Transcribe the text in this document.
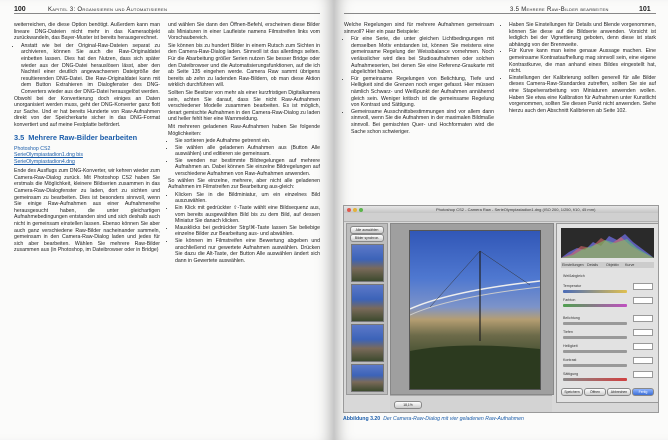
100	Kapitel 3: Organisieren und Automatisieren

weiterreichen, die diese Option benötigt. Außerdem kann man lineare DNG-Dateien nicht mehr in das Kameraobjekt zurückwandeln, das Bayer-Muster ist bereits herausgerechnet.

• Anstatt wie bei der Original-Raw-Dateien separat zu archivieren, können Sie auch die Raw-Originaldatei einbetten lassen. Dies hat den Nutzen, dass sich später wieder aus der DNG-Datei herauslösen lässt, aber den Nachteil einer deutlich angewachsenen Dateigröße der resultierenden DNG-Datei. Die Raw-Originaldatei kann mit dem Button Extrahieren im Dialogfenster des DNG-Converters wieder aus der DNG-Datei herausgelöst werden.

Obwohl bei der Konvertierung doch einiges an Daten unorganisiert werden muss, geht der DNG-Konverter ganz flott zur Sache. Und er hat bereits Hunderte von Raw-Aufnahmen direkt von der Speicherkarte sicher in das DNG-Format konvertiert und auf meine Festplatte befördert.

3.5 Mehrere Raw-Bilder bearbeiten
Photoshop CS2
SerieOlympiastadion1.dng bis
SerieOlympiastadion4.dng

Ende des Ausflugs zum DNG-Konverter, wir kehren wieder zum Camera-Raw-Dialog zurück. Mit Photoshop CS2 haben Sie erstmals die Möglichkeit, kleinere Bildserien zusammen in das Camera-Raw-Dialogfenster zu laden, dort zu sichten und gemeinsam zu bearbeiten. Dies ist besonders sinnvoll, wenn Sie einige Raw-Aufnahmen aus einer Aufnahmereihe herausgesucht haben, die unter gleichartigen Aufnahmebedingungen entstanden sind und sich deshalb auch nicht in gemeinsam einstellen lassen. Ebenso können Sie aber auch ganz verschiedene Raw-Bilder nacheinander sammeln, gemeinsam in den Camera-Raw-Dialog laden und jedes für sich aber bearbeiten. Wählen Sie mehrere Raw-Bilder zusammen aus (in Photoshop, im Dateibrowser oder in Bridge)

und wählen Sie dann den Öffnen-Befehl, erscheinen diese Bilder als Miniaturen in einer Laufleiste namens Filmstreifen links vom Vorschaubereich.

Sie können bis zu hundert Bilder in einem Rutsch zum Sichten in den Camera-Raw-Dialog laden. Sinnvoll ist das allerdings selten. Für die Abarbeitung größer Serien nutzen Sie besser Bridge oder den Dateibrowser und die Automatisierungsfunktionen, auf die ich ab Seite 135 eingehen werde. Camera Raw sammt übrigens bereits ab zehn zu ladenden Raw-Bildern, ob man diese Aktion wirklich durchführen will.

Sollten Sie Besitzer von mehr als einer kurzfristigen Digitalkamera sein, achten Sie darauf, dass Sie nicht Raw-Aufnahmen verschiedener Modelle zusammen bearbeiten. Es ist möglich, derart gemischte Aufnahmen in den Camera-Raw-Dialog zu laden und heller fehlt hier eine Warnmeldung.

Mit mehreren geladenen Raw-Aufnahmen haben Sie folgende Möglichkeiten:

• Sie sortieren jede Aufnahme getrennt ein.
• Sie wählen alle geladenen Aufnahmen aus (Button Alle auswählen) und editieren sie gemeinsam.
• Sie wenden nur bestimmte Bildregelungen auf mehrere Aufnahmen an. Dabei können Sie einzelne Bildregelungen auf verschiedene Aufnahmen von Raw-Aufnahmen anwenden.

So wählen Sie einzelne, mehrere, aber nicht alle geladenen Aufnahmen im Filmstreifen zur Bearbeitung aus-gleich:

• Klicken Sie in die Bildminiatur, um ein einzelnes Bild auszuwählen.
• Ein Klick mit gedrückter ⇧-Taste wählt eine Bildsequenz aus, vom bereits ausgewählten Bild bis zu dem Bild, auf dessen Miniatur Sie danach klicken.
• Mausklicks bei gedrückter Strg/⌘-Taste lassen Sie beliebige einzelne Bilder zur Bearbeitung aus- und abwählen.
• Sie können im Filmstreifen eine Bewertung abgeben und anschließend nur gewertete Aufnahmen auswählen. Drücken Sie dazu die Alt-Taste, der Button Alle auswählen ändert sich dann in Gewertete auswählen.
3.5 Mehrere Raw-Bilder bearbeiten	101

Welche Regelungen sind für mehrere Aufnahmen gemeinsam sinnvoll? Hier ein paar Beispiele:

• Für eine Serie, die unter gleichen Lichtbedingungen mit demselben Motiv entstanden ist, können Sie meistens eine gemeinsame Regelung der Weissbalance vornehmen. Noch verlässlicher wird dies bei Studioaufnahmen oder solchen Aufnahmeserien, bei denen Sie eine Referenz-Graukarte mit abgelichtet haben.
• Für gemeinsame Regelungen von Belichtung, Tiefe und Helligkeit sind die Grenzen noch enger gefasst. Hier müssen nämlich Schwarz- und Weißpunkt der Aufnahmen annähernd gleich sein. Weniger kritisch ist die gemeinsame Regelung von Kontrast und Sättigung.
• Gemeinsame Ausschnittsbestimmungen sind vor allem dann sinnvoll, wenn Sie die Aufnahmen in der maximalen Bildmaße sinnvoll. Bei gemischten Quer- und Hochformaten wird die Sache schon schwieriger.
• Haben Sie Einstellungen für Details und Blende vorgenommen, können Sie diese auf die Bildserie anwenden. Vorsicht ist lediglich bei der Vignettierung geboten, denn diese ist stark abhängig von der Brennweite.
• Für Kurve kann man keine genaue Aussage machen. Eine gemeinsame Kontrastaufhellung mag sinnvoll sein, eine eigene Kontrastkurve, die man anhand eines Bildes eingestellt hat, nicht.
• Einstellungen der Kalibrierung sollten generell für alle Bilder dieses Camera-Raw-Standardes zutreffen, sollten Sie sie auf eine Stapelverarbeitung von Miniaturen anwenden wollen. Haben Sie etwa eine Kalibration für Aufnahmen unter Kunstlicht vorgenommen, sollten Sie diesen Punkt nicht anwenden. Siehe hierzu auch den Abschnitt Kalibrieren ab Seite 102.
Photoshop CS2 - Camera Raw - SerieOlympiastadion1.dng (ISO 200, 1/250, f/10, 45 mm)
Alle auswählen
Bilder synchron.
18,1%
Einstellungen Details Objektiv Kurve
Weißabgleich
Temperatur
Farbton
Belichtung
Tiefen
Helligkeit
Kontrast
Sättigung
Speichern	Öffnen	Abbrechen	Fertig
Abbildung 3.20 Der Camera-Raw-Dialog mit vier geladenen Raw-Aufnahmen
